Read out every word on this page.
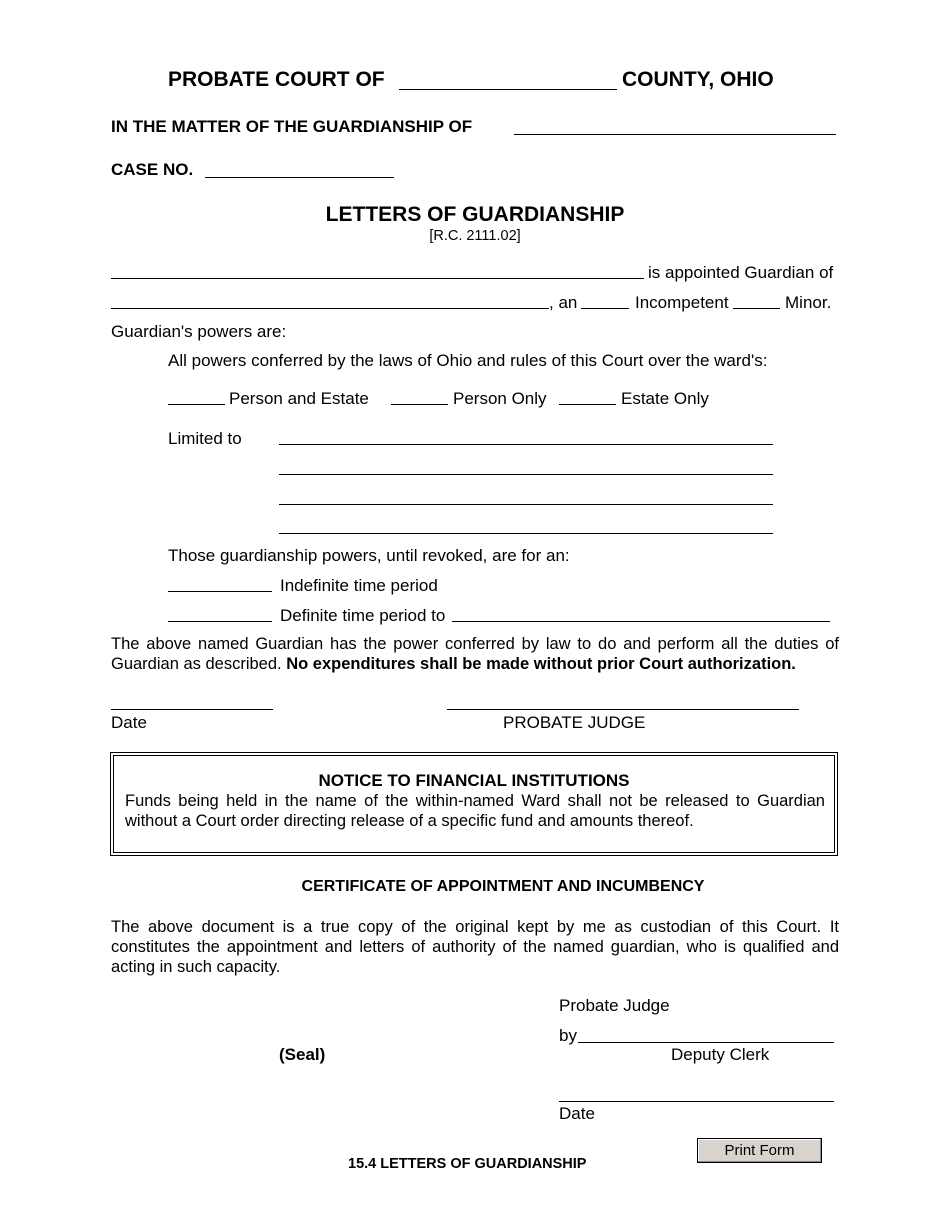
PROBATE COURT OF	COUNTY, OHIO
IN THE MATTER OF THE GUARDIANSHIP OF
CASE NO.
LETTERS OF GUARDIANSHIP
[R.C. 2111.02]
is appointed Guardian of
, an	Incompetent	Minor.
Guardian's powers are:
All powers conferred by the laws of Ohio and rules of this Court over the ward's:
Person and Estate	Person Only	Estate Only
Limited to
Those guardianship powers, until revoked, are for an:
Indefinite time period
Definite time period to
The above named Guardian has the power conferred by law to do and perform all the duties of Guardian as described. No expenditures shall be made without prior Court authorization.
Date	PROBATE JUDGE
NOTICE TO FINANCIAL INSTITUTIONS
Funds being held in the name of the within-named Ward shall not be released to Guardian without a Court order directing release of a specific fund and amounts thereof.
CERTIFICATE OF APPOINTMENT AND INCUMBENCY
The above document is a true copy of the original kept by me as custodian of this Court. It constitutes the appointment and letters of authority of the named guardian, who is qualified and acting in such capacity.
Probate Judge
by
Deputy Clerk
(Seal)
Date
15.4 LETTERS OF GUARDIANSHIP
Print Form
